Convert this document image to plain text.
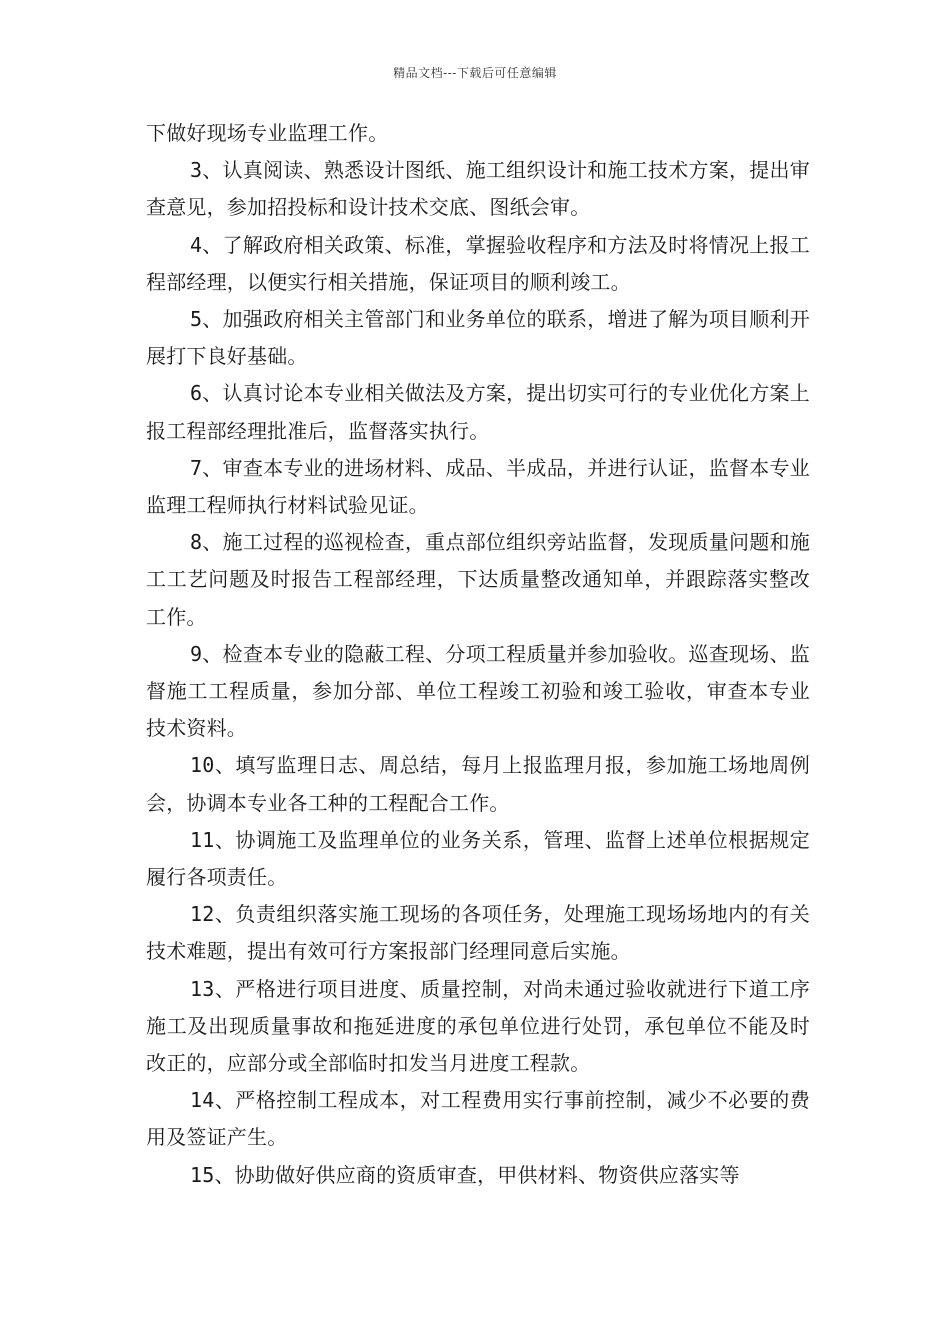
精品文档---下载后可任意编辑

下做好现场专业监理工作。

3、认真阅读、熟悉设计图纸、施工组织设计和施工技术方案，提出审查意见，参加招投标和设计技术交底、图纸会审。

4、了解政府相关政策、标准，掌握验收程序和方法及时将情况上报工程部经理，以便实行相关措施，保证项目的顺利竣工。

5、加强政府相关主管部门和业务单位的联系，增进了解为项目顺利开展打下良好基础。

6、认真讨论本专业相关做法及方案，提出切实可行的专业优化方案上报工程部经理批准后，监督落实执行。

7、审查本专业的进场材料、成品、半成品，并进行认证，监督本专业监理工程师执行材料试验见证。

8、施工过程的巡视检查，重点部位组织旁站监督，发现质量问题和施工工艺问题及时报告工程部经理，下达质量整改通知单，并跟踪落实整改工作。

9、检查本专业的隐蔽工程、分项工程质量并参加验收。巡查现场、监督施工工程质量，参加分部、单位工程竣工初验和竣工验收，审查本专业技术资料。

10、填写监理日志、周总结，每月上报监理月报，参加施工场地周例会，协调本专业各工种的工程配合工作。

11、协调施工及监理单位的业务关系，管理、监督上述单位根据规定履行各项责任。

12、负责组织落实施工现场的各项任务，处理施工现场场地内的有关技术难题，提出有效可行方案报部门经理同意后实施。

13、严格进行项目进度、质量控制，对尚未通过验收就进行下道工序施工及出现质量事故和拖延进度的承包单位进行处罚，承包单位不能及时改正的，应部分或全部临时扣发当月进度工程款。

14、严格控制工程成本，对工程费用实行事前控制，减少不必要的费用及签证产生。

15、协助做好供应商的资质审查，甲供材料、物资供应落实等
